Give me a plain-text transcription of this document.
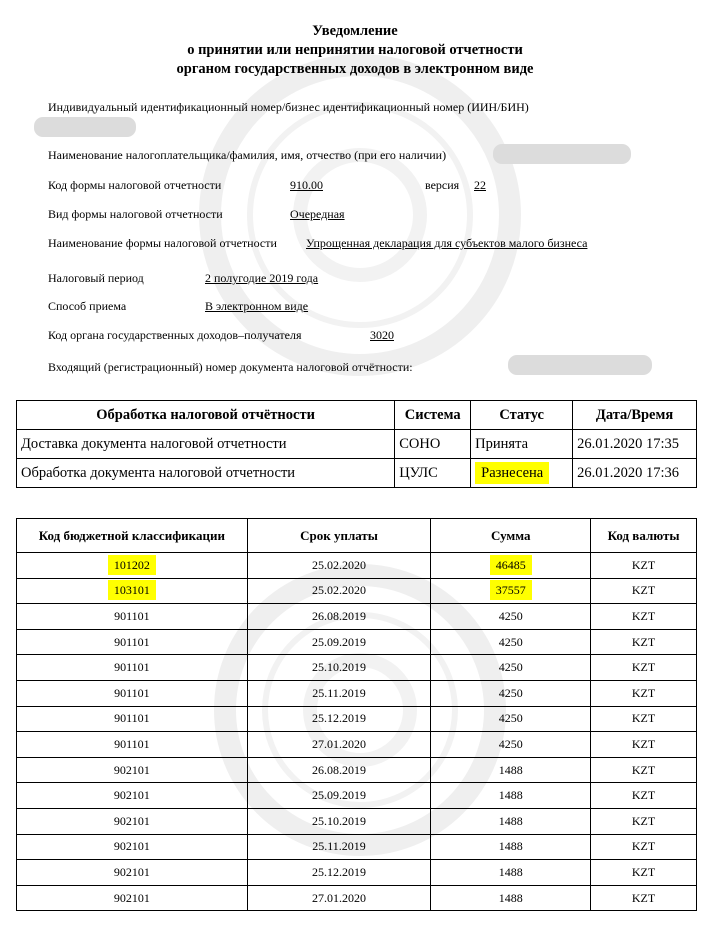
Уведомление
о принятии или непринятии налоговой отчетности
органом государственных доходов в электронном виде
Индивидуальный идентификационный номер/бизнес идентификационный номер (ИИН/БИН)
Наименование налогоплательщика/фамилия, имя, отчество (при его наличии)
Код формы налоговой отчетности	910.00	версия 22
Вид формы налоговой отчетности	Очередная
Наименование формы налоговой отчетности Упрощенная декларация для субъектов малого бизнеса
Налоговый период	2 полугодие 2019 года
Способ приема	В электронном виде
Код органа государственных доходов–получателя	3020
Входящий (регистрационный) номер документа налоговой отчётности:
Обработка налоговой отчётности	Система	Статус	Дата/Время
Доставка документа налоговой отчетности	СОНО	Принята	26.01.2020 17:35
Обработка документа налоговой отчетности	ЦУЛС	Разнесена	26.01.2020 17:36
Код бюджетной классификации	Срок уплаты	Сумма	Код валюты
101202	25.02.2020	46485	KZT
103101	25.02.2020	37557	KZT
901101	26.08.2019	4250	KZT
901101	25.09.2019	4250	KZT
901101	25.10.2019	4250	KZT
901101	25.11.2019	4250	KZT
901101	25.12.2019	4250	KZT
901101	27.01.2020	4250	KZT
902101	26.08.2019	1488	KZT
902101	25.09.2019	1488	KZT
902101	25.10.2019	1488	KZT
902101	25.11.2019	1488	KZT
902101	25.12.2019	1488	KZT
902101	27.01.2020	1488	KZT
